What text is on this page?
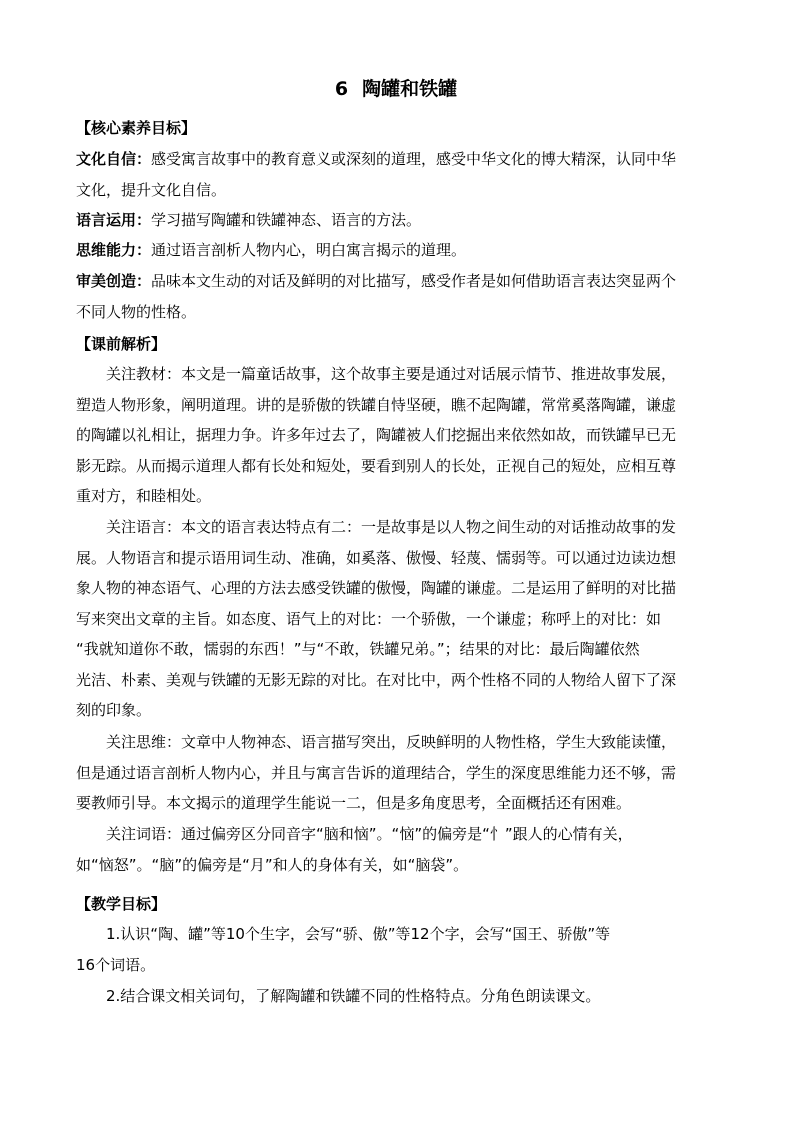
6 陶罐和铁罐
【核心素养目标】
文化自信：感受寓言故事中的教育意义或深刻的道理，感受中华文化的博大精深，认同中华
文化，提升文化自信。
语言运用：学习描写陶罐和铁罐神态、语言的方法。
思维能力：通过语言剖析人物内心，明白寓言揭示的道理。
审美创造：品味本文生动的对话及鲜明的对比描写，感受作者是如何借助语言表达突显两个
不同人物的性格。
【课前解析】
关注教材：本文是一篇童话故事，这个故事主要是通过对话展示情节、推进故事发展，
塑造人物形象，阐明道理。讲的是骄傲的铁罐自恃坚硬，瞧不起陶罐，常常奚落陶罐，谦虚
的陶罐以礼相让，据理力争。许多年过去了，陶罐被人们挖掘出来依然如故，而铁罐早已无
影无踪。从而揭示道理人都有长处和短处，要看到别人的长处，正视自己的短处，应相互尊
重对方，和睦相处。
关注语言：本文的语言表达特点有二：一是故事是以人物之间生动的对话推动故事的发
展。人物语言和提示语用词生动、准确，如奚落、傲慢、轻蔑、懦弱等。可以通过边读边想
象人物的神态语气、心理的方法去感受铁罐的傲慢，陶罐的谦虚。二是运用了鲜明的对比描
写来突出文章的主旨。如态度、语气上的对比：一个骄傲，一个谦虚；称呼上的对比：如
“我就知道你不敢，懦弱的东西！”与“不敢，铁罐兄弟。”；结果的对比：最后陶罐依然
光洁、朴素、美观与铁罐的无影无踪的对比。在对比中，两个性格不同的人物给人留下了深
刻的印象。
关注思维：文章中人物神态、语言描写突出，反映鲜明的人物性格，学生大致能读懂，
但是通过语言剖析人物内心，并且与寓言告诉的道理结合，学生的深度思维能力还不够，需
要教师引导。本文揭示的道理学生能说一二，但是多角度思考，全面概括还有困难。
关注词语：通过偏旁区分同音字“脑和恼”。“恼”的偏旁是“忄”跟人的心情有关，
如“恼怒”。“脑”的偏旁是“月”和人的身体有关，如“脑袋”。
【教学目标】
1.认识“陶、罐”等10个生字，会写“骄、傲”等12个字，会写“国王、骄傲”等
16个词语。
2.结合课文相关词句，了解陶罐和铁罐不同的性格特点。分角色朗读课文。
